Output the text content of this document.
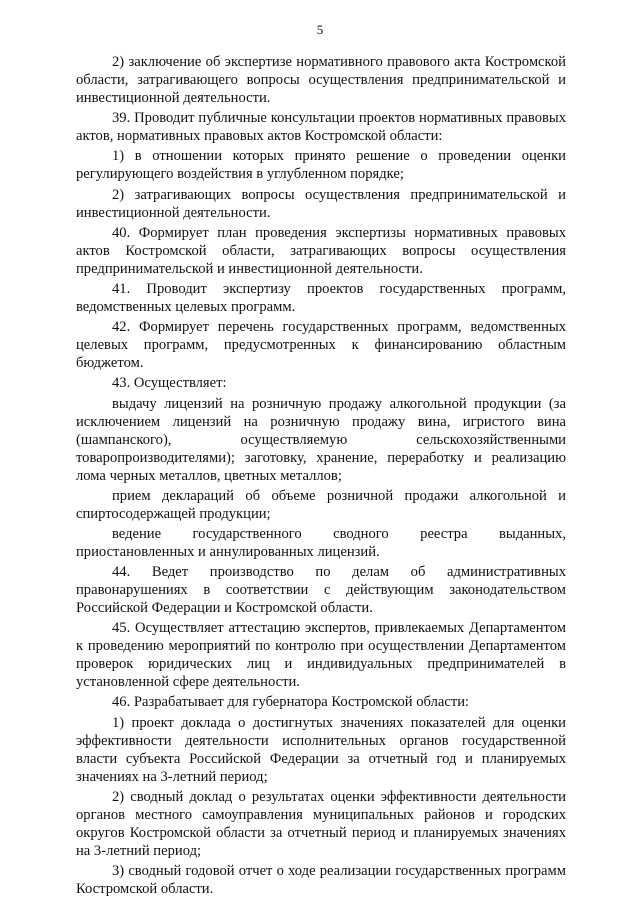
5

2) заключение об экспертизе нормативного правового акта Костромской области, затрагивающего вопросы осуществления предпринимательской и инвестиционной деятельности.

39. Проводит публичные консультации проектов нормативных правовых актов, нормативных правовых актов Костромской области:

1) в отношении которых принято решение о проведении оценки регулирующего воздействия в углубленном порядке;

2) затрагивающих вопросы осуществления предпринимательской и инвестиционной деятельности.

40. Формирует план проведения экспертизы нормативных правовых актов Костромской области, затрагивающих вопросы осуществления предпринимательской и инвестиционной деятельности.

41. Проводит экспертизу проектов государственных программ, ведомственных целевых программ.

42. Формирует перечень государственных программ, ведомственных целевых программ, предусмотренных к финансированию областным бюджетом.

43. Осуществляет:

выдачу лицензий на розничную продажу алкогольной продукции (за исключением лицензий на розничную продажу вина, игристого вина (шампанского), осуществляемую сельскохозяйственными товаропроизводителями); заготовку, хранение, переработку и реализацию лома черных металлов, цветных металлов;

прием деклараций об объеме розничной продажи алкогольной и спиртосодержащей продукции;

ведение государственного сводного реестра выданных, приостановленных и аннулированных лицензий.

44. Ведет производство по делам об административных правонарушениях в соответствии с действующим законодательством Российской Федерации и Костромской области.

45. Осуществляет аттестацию экспертов, привлекаемых Департаментом к проведению мероприятий по контролю при осуществлении Департаментом проверок юридических лиц и индивидуальных предпринимателей в установленной сфере деятельности.

46. Разрабатывает для губернатора Костромской области:

1) проект доклада о достигнутых значениях показателей для оценки эффективности деятельности исполнительных органов государственной власти субъекта Российской Федерации за отчетный год и планируемых значениях на 3-летний период;

2) сводный доклад о результатах оценки эффективности деятельности органов местного самоуправления муниципальных районов и городских округов Костромской области за отчетный период и планируемых значениях на 3-летний период;

3) сводный годовой отчет о ходе реализации государственных программ Костромской области.
